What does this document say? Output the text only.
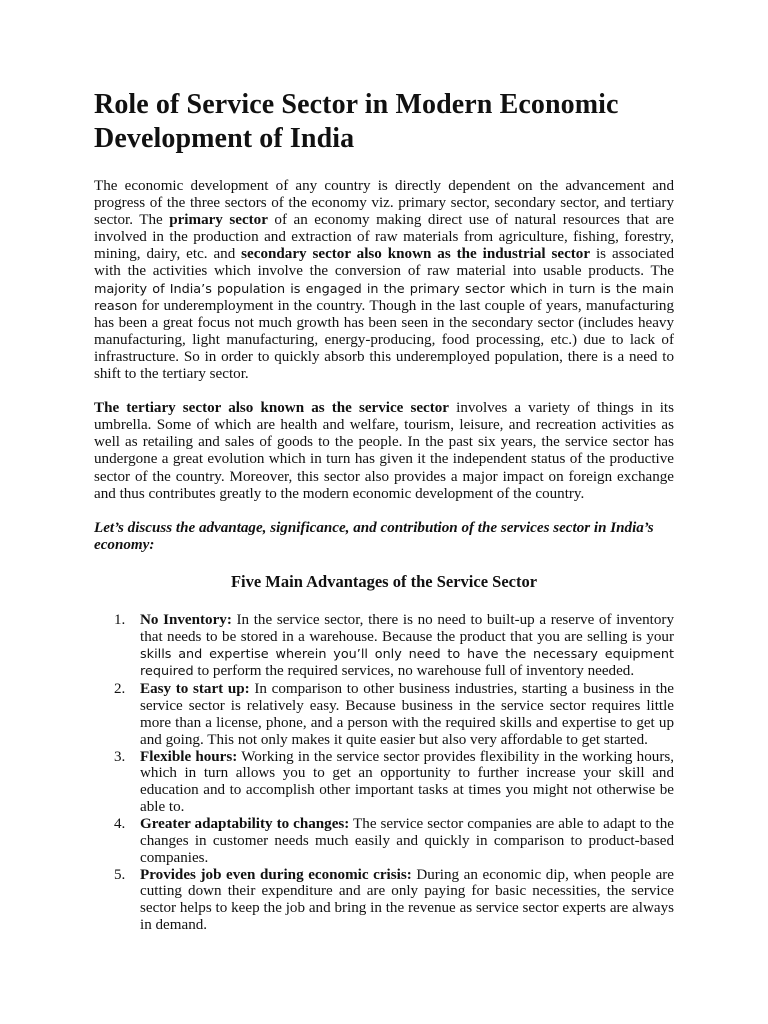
Role of Service Sector in Modern Economic Development of India

The economic development of any country is directly dependent on the advancement and progress of the three sectors of the economy viz. primary sector, secondary sector, and tertiary sector. The primary sector of an economy making direct use of natural resources that are involved in the production and extraction of raw materials from agriculture, fishing, forestry, mining, dairy, etc. and secondary sector also known as the industrial sector is associated with the activities which involve the conversion of raw material into usable products. The majority of India’s population is engaged in the primary sector which in turn is the main reason for underemployment in the country. Though in the last couple of years, manufacturing has been a great focus not much growth has been seen in the secondary sector (includes heavy manufacturing, light manufacturing, energy-producing, food processing, etc.) due to lack of infrastructure. So in order to quickly absorb this underemployed population, there is a need to shift to the tertiary sector.

The tertiary sector also known as the service sector involves a variety of things in its umbrella. Some of which are health and welfare, tourism, leisure, and recreation activities as well as retailing and sales of goods to the people. In the past six years, the service sector has undergone a great evolution which in turn has given it the independent status of the productive sector of the country. Moreover, this sector also provides a major impact on foreign exchange and thus contributes greatly to the modern economic development of the country.

Let’s discuss the advantage, significance, and contribution of the services sector in India’s economy:

Five Main Advantages of the Service Sector
1. No Inventory: In the service sector, there is no need to built-up a reserve of inventory that needs to be stored in a warehouse. Because the product that you are selling is your skills and expertise wherein you’ll only need to have the necessary equipment required to perform the required services, no warehouse full of inventory needed.
2. Easy to start up: In comparison to other business industries, starting a business in the service sector is relatively easy. Because business in the service sector requires little more than a license, phone, and a person with the required skills and expertise to get up and going. This not only makes it quite easier but also very affordable to get started.
3. Flexible hours: Working in the service sector provides flexibility in the working hours, which in turn allows you to get an opportunity to further increase your skill and education and to accomplish other important tasks at times you might not otherwise be able to.
4. Greater adaptability to changes: The service sector companies are able to adapt to the changes in customer needs much easily and quickly in comparison to product-based companies.
5. Provides job even during economic crisis: During an economic dip, when people are cutting down their expenditure and are only paying for basic necessities, the service sector helps to keep the job and bring in the revenue as service sector experts are always in demand.
